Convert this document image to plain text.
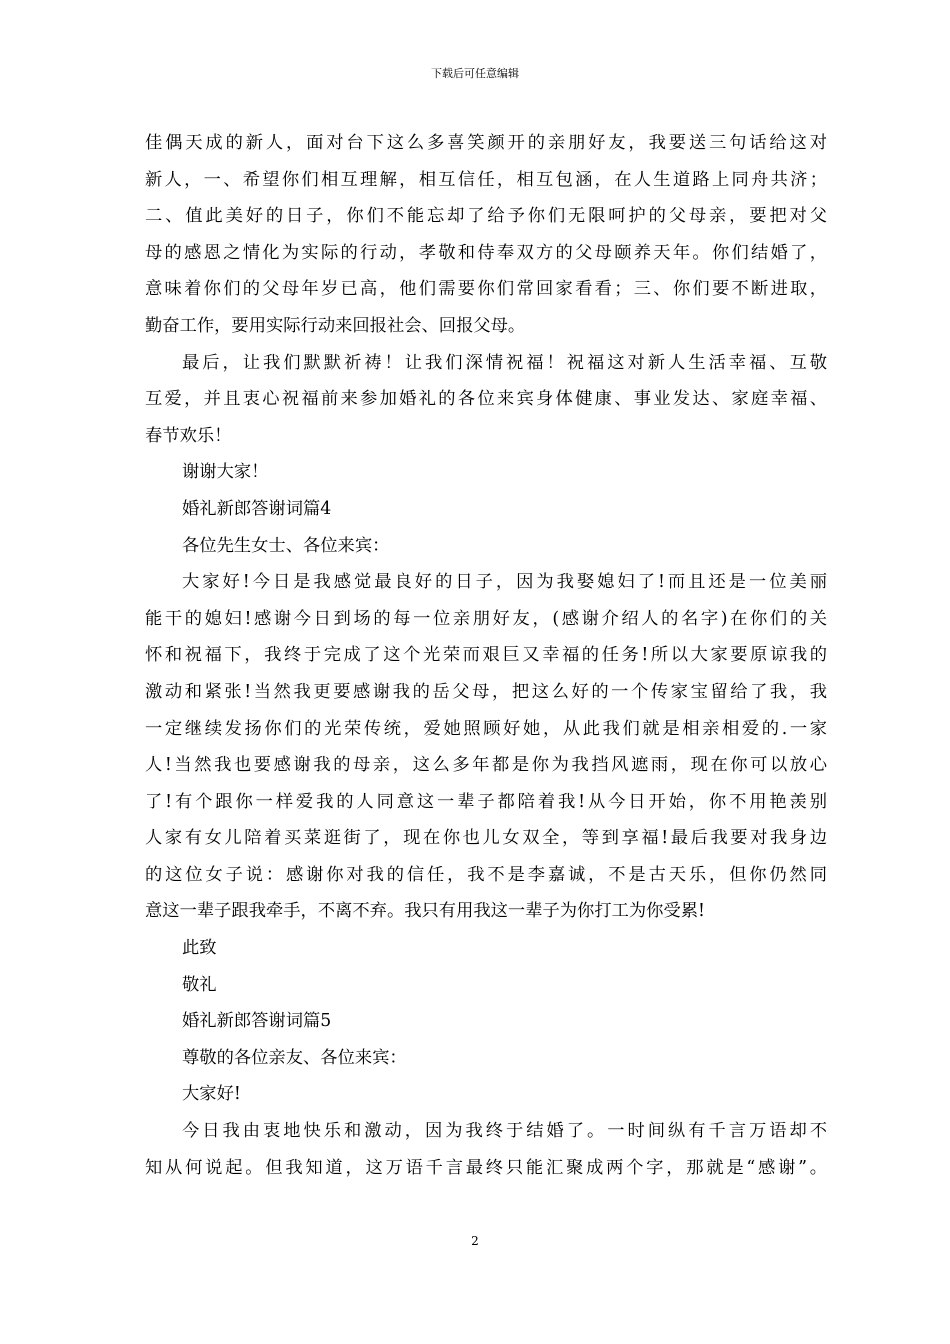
下载后可任意编辑
佳偶天成的新人，面对台下这么多喜笑颜开的亲朋好友，我要送三句话给这对
新人，一、希望你们相互理解，相互信任，相互包涵，在人生道路上同舟共济；
二、值此美好的日子，你们不能忘却了给予你们无限呵护的父母亲，要把对父
母的感恩之情化为实际的行动，孝敬和侍奉双方的父母颐养天年。你们结婚了，
意味着你们的父母年岁已高，他们需要你们常回家看看；三、你们要不断进取，
勤奋工作，要用实际行动来回报社会、回报父母。
最后，让我们默默祈祷！让我们深情祝福！祝福这对新人生活幸福、互敬
互爱，并且衷心祝福前来参加婚礼的各位来宾身体健康、事业发达、家庭幸福、
春节欢乐！
谢谢大家！
婚礼新郎答谢词篇4
各位先生女士、各位来宾：
大家好!今日是我感觉最良好的日子，因为我娶媳妇了!而且还是一位美丽
能干的媳妇!感谢今日到场的每一位亲朋好友，(感谢介绍人的名字)在你们的关
怀和祝福下，我终于完成了这个光荣而艰巨又幸福的任务!所以大家要原谅我的
激动和紧张!当然我更要感谢我的岳父母，把这么好的一个传家宝留给了我，我
一定继续发扬你们的光荣传统，爱她照顾好她，从此我们就是相亲相爱的.一家
人!当然我也要感谢我的母亲，这么多年都是你为我挡风遮雨，现在你可以放心
了!有个跟你一样爱我的人同意这一辈子都陪着我!从今日开始，你不用艳羡别
人家有女儿陪着买菜逛街了，现在你也儿女双全，等到享福!最后我要对我身边
的这位女子说：感谢你对我的信任，我不是李嘉诚，不是古天乐，但你仍然同
意这一辈子跟我牵手，不离不弃。我只有用我这一辈子为你打工为你受累!
此致
敬礼
婚礼新郎答谢词篇5
尊敬的各位亲友、各位来宾：
大家好!
今日我由衷地快乐和激动，因为我终于结婚了。一时间纵有千言万语却不
知从何说起。但我知道，这万语千言最终只能汇聚成两个字，那就是“感谢”。
2
